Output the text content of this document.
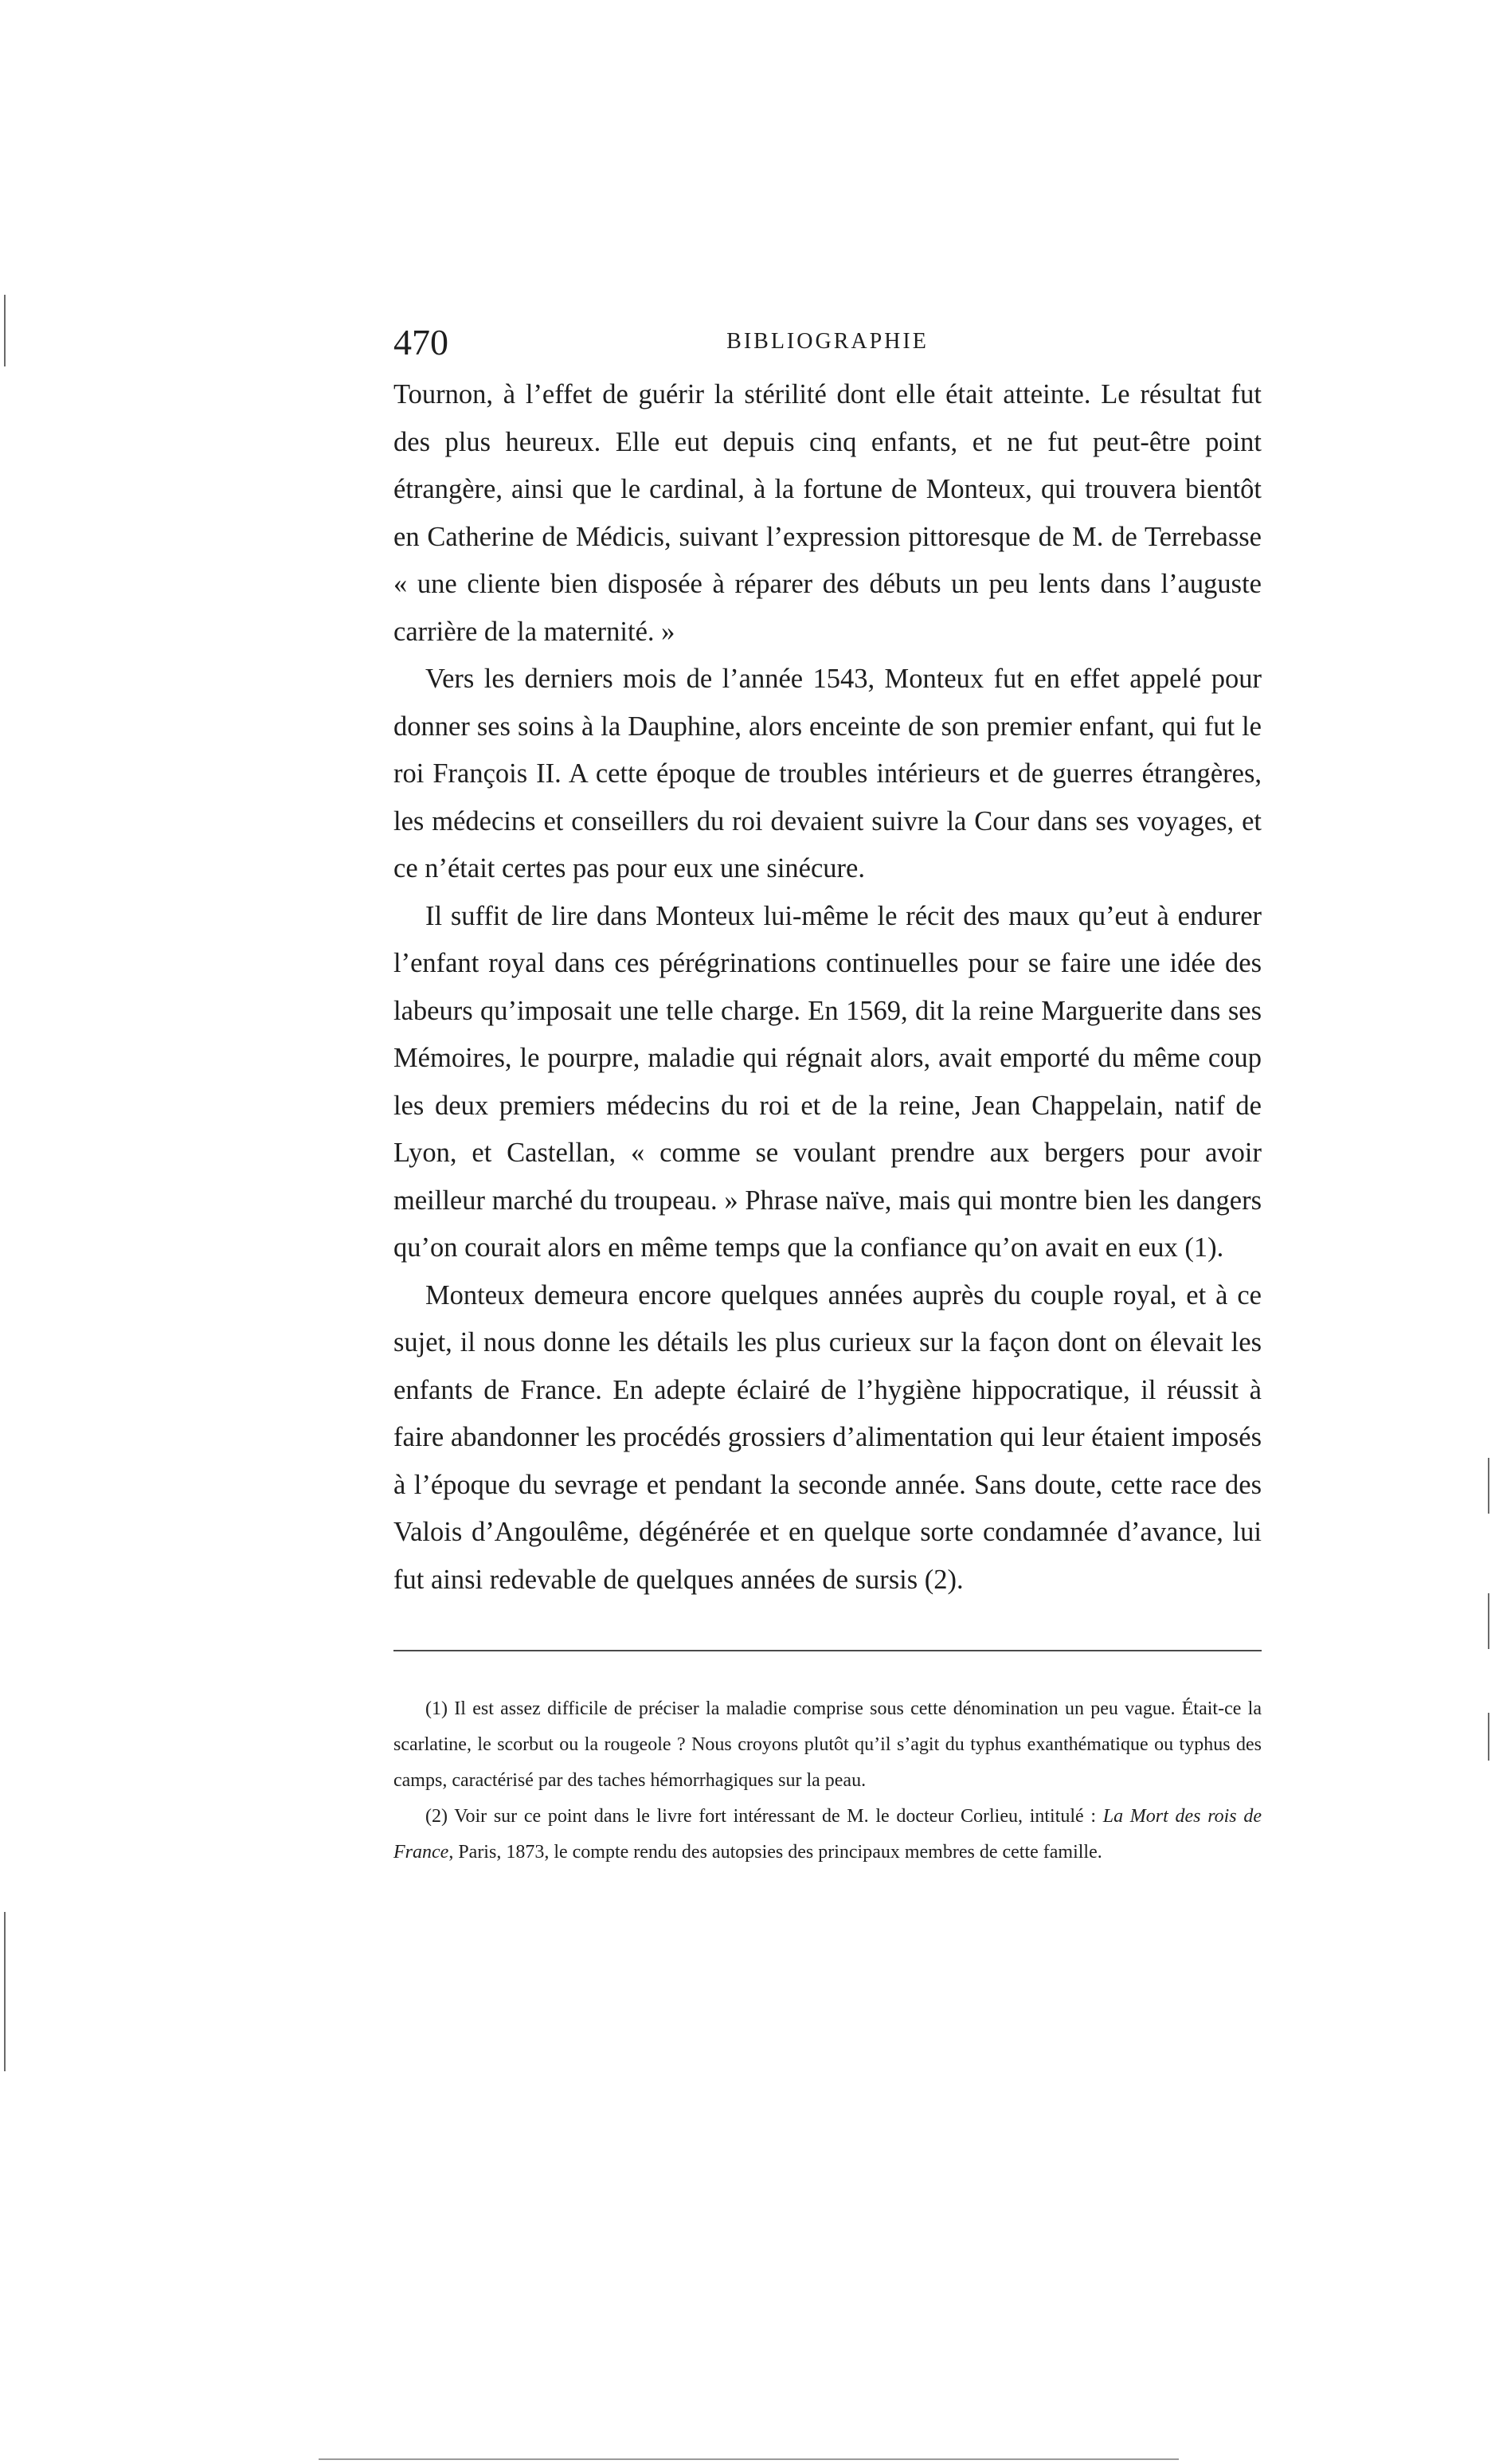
470	BIBLIOGRAPHIE

Tournon, à l’effet de guérir la stérilité dont elle était atteinte. Le résultat fut des plus heureux. Elle eut depuis cinq enfants, et ne fut peut-être point étrangère, ainsi que le cardinal, à la fortune de Monteux, qui trouvera bientôt en Catherine de Médicis, suivant l’expression pittoresque de M. de Terrebasse « une cliente bien disposée à réparer des débuts un peu lents dans l’auguste carrière de la maternité. »

Vers les derniers mois de l’année 1543, Monteux fut en effet appelé pour donner ses soins à la Dauphine, alors enceinte de son premier enfant, qui fut le roi François II. A cette époque de troubles intérieurs et de guerres étrangères, les médecins et conseillers du roi devaient suivre la Cour dans ses voyages, et ce n’était certes pas pour eux une sinécure.

Il suffit de lire dans Monteux lui-même le récit des maux qu’eut à endurer l’enfant royal dans ces pérégrinations continuelles pour se faire une idée des labeurs qu’imposait une telle charge. En 1569, dit la reine Marguerite dans ses Mémoires, le pourpre, maladie qui régnait alors, avait emporté du même coup les deux premiers médecins du roi et de la reine, Jean Chappelain, natif de Lyon, et Castellan, « comme se voulant prendre aux bergers pour avoir meilleur marché du troupeau. » Phrase naïve, mais qui montre bien les dangers qu’on courait alors en même temps que la confiance qu’on avait en eux (1).

Monteux demeura encore quelques années auprès du couple royal, et à ce sujet, il nous donne les détails les plus curieux sur la façon dont on élevait les enfants de France. En adepte éclairé de l’hygiène hippocratique, il réussit à faire abandonner les procédés grossiers d’alimentation qui leur étaient imposés à l’époque du sevrage et pendant la seconde année. Sans doute, cette race des Valois d’Angoulême, dégénérée et en quelque sorte condamnée d’avance, lui fut ainsi redevable de quelques années de sursis (2).

(1) Il est assez difficile de préciser la maladie comprise sous cette dénomination un peu vague. Était-ce la scarlatine, le scorbut ou la rougeole ? Nous croyons plutôt qu’il s’agit du typhus exanthématique ou typhus des camps, caractérisé par des taches hémorrhagiques sur la peau.

(2) Voir sur ce point dans le livre fort intéressant de M. le docteur Corlieu, intitulé : La Mort des rois de France, Paris, 1873, le compte rendu des autopsies des principaux membres de cette famille.
